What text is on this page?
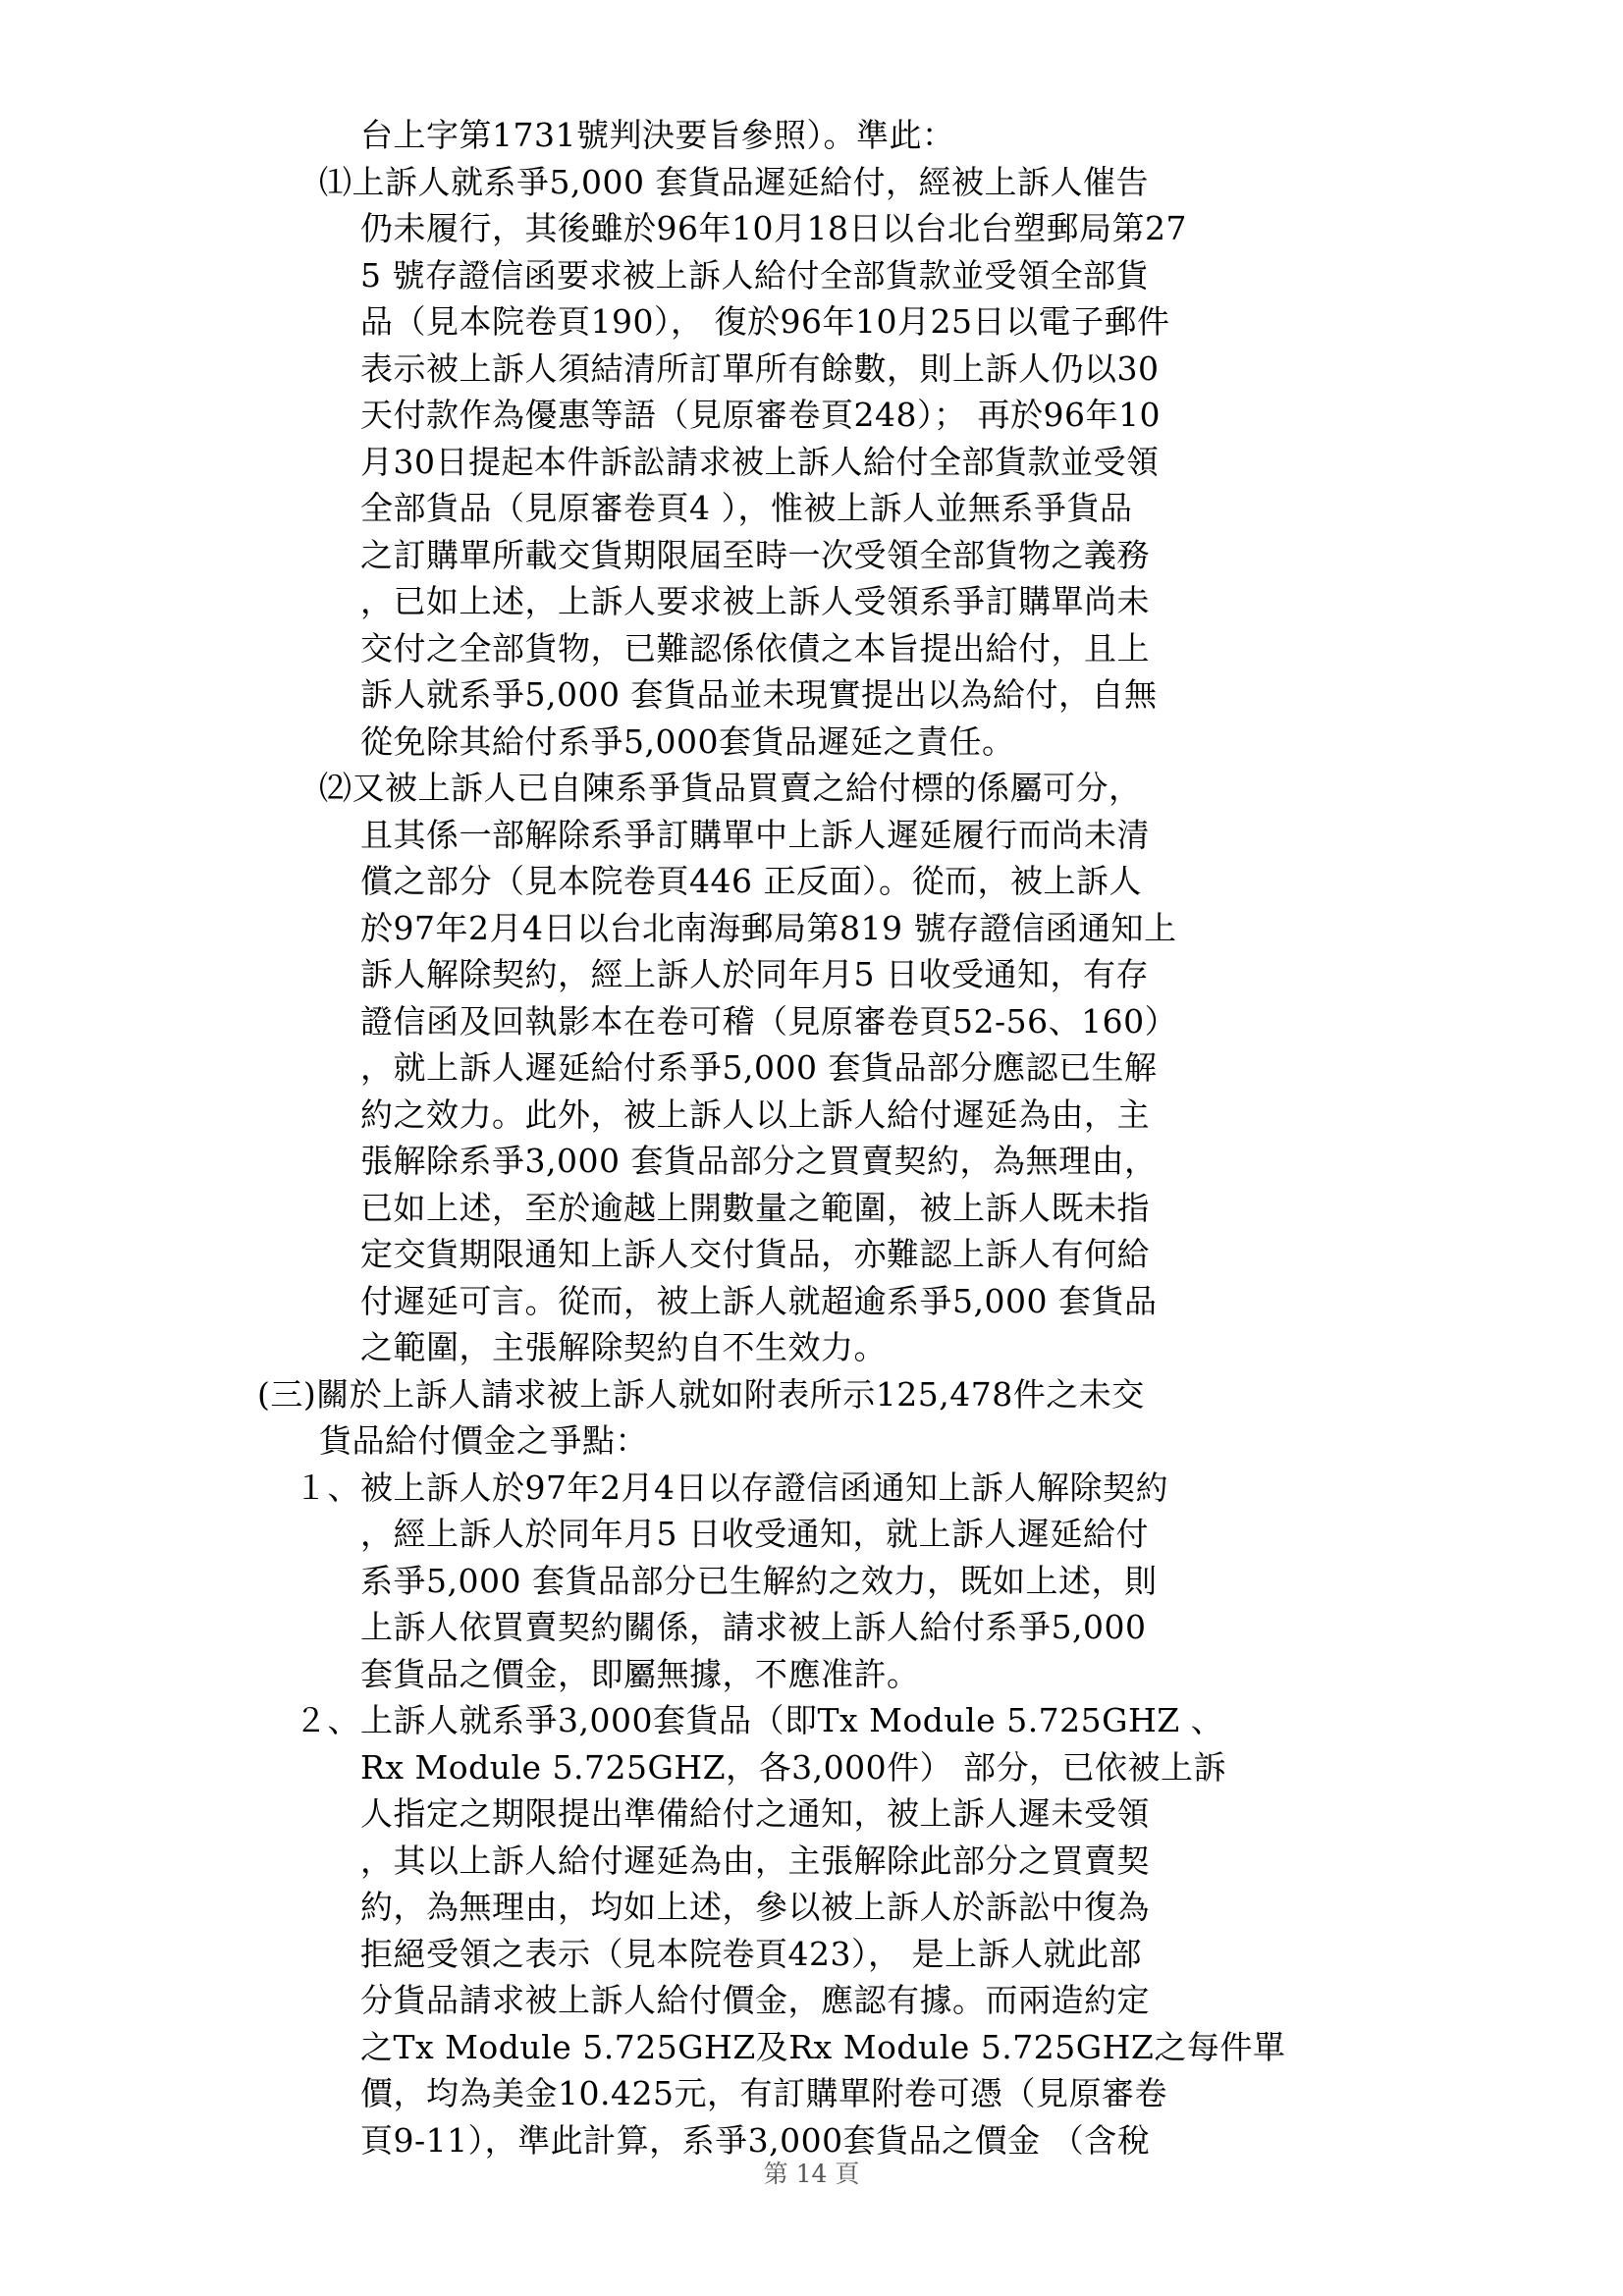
台上字第1731號判決要旨參照）。準此：
⑴上訴人就系爭5,000 套貨品遲延給付，經被上訴人催告
仍未履行，其後雖於96年10月18日以台北台塑郵局第27
5 號存證信函要求被上訴人給付全部貨款並受領全部貨
品（見本院卷頁190）， 復於96年10月25日以電子郵件
表示被上訴人須結清所訂單所有餘數，則上訴人仍以30
天付款作為優惠等語（見原審卷頁248）； 再於96年10
月30日提起本件訴訟請求被上訴人給付全部貨款並受領
全部貨品（見原審卷頁4 ），惟被上訴人並無系爭貨品
之訂購單所載交貨期限屆至時一次受領全部貨物之義務
，已如上述，上訴人要求被上訴人受領系爭訂購單尚未
交付之全部貨物，已難認係依債之本旨提出給付，且上
訴人就系爭5,000 套貨品並未現實提出以為給付，自無
從免除其給付系爭5,000套貨品遲延之責任。
⑵又被上訴人已自陳系爭貨品買賣之給付標的係屬可分，
且其係一部解除系爭訂購單中上訴人遲延履行而尚未清
償之部分（見本院卷頁446 正反面）。從而，被上訴人
於97年2月4日以台北南海郵局第819 號存證信函通知上
訴人解除契約，經上訴人於同年月5 日收受通知，有存
證信函及回執影本在卷可稽（見原審卷頁52-56、160）
，就上訴人遲延給付系爭5,000 套貨品部分應認已生解
約之效力。此外，被上訴人以上訴人給付遲延為由，主
張解除系爭3,000 套貨品部分之買賣契約，為無理由，
已如上述，至於逾越上開數量之範圍，被上訴人既未指
定交貨期限通知上訴人交付貨品，亦難認上訴人有何給
付遲延可言。從而，被上訴人就超逾系爭5,000 套貨品
之範圍，主張解除契約自不生效力。
(三)關於上訴人請求被上訴人就如附表所示125,478件之未交
貨品給付價金之爭點：
１、被上訴人於97年2月4日以存證信函通知上訴人解除契約
，經上訴人於同年月5 日收受通知，就上訴人遲延給付
系爭5,000 套貨品部分已生解約之效力，既如上述，則
上訴人依買賣契約關係，請求被上訴人給付系爭5,000
套貨品之價金，即屬無據，不應准許。
２、上訴人就系爭3,000套貨品（即Tx Module 5.725GHZ 、
Rx Module 5.725GHZ，各3,000件） 部分，已依被上訴
人指定之期限提出準備給付之通知，被上訴人遲未受領
，其以上訴人給付遲延為由，主張解除此部分之買賣契
約，為無理由，均如上述，參以被上訴人於訴訟中復為
拒絕受領之表示（見本院卷頁423）， 是上訴人就此部
分貨品請求被上訴人給付價金，應認有據。而兩造約定
之Tx Module 5.725GHZ及Rx Module 5.725GHZ之每件單
價，均為美金10.425元，有訂購單附卷可憑（見原審卷
頁9-11），準此計算，系爭3,000套貨品之價金 （含稅
第 14 頁
